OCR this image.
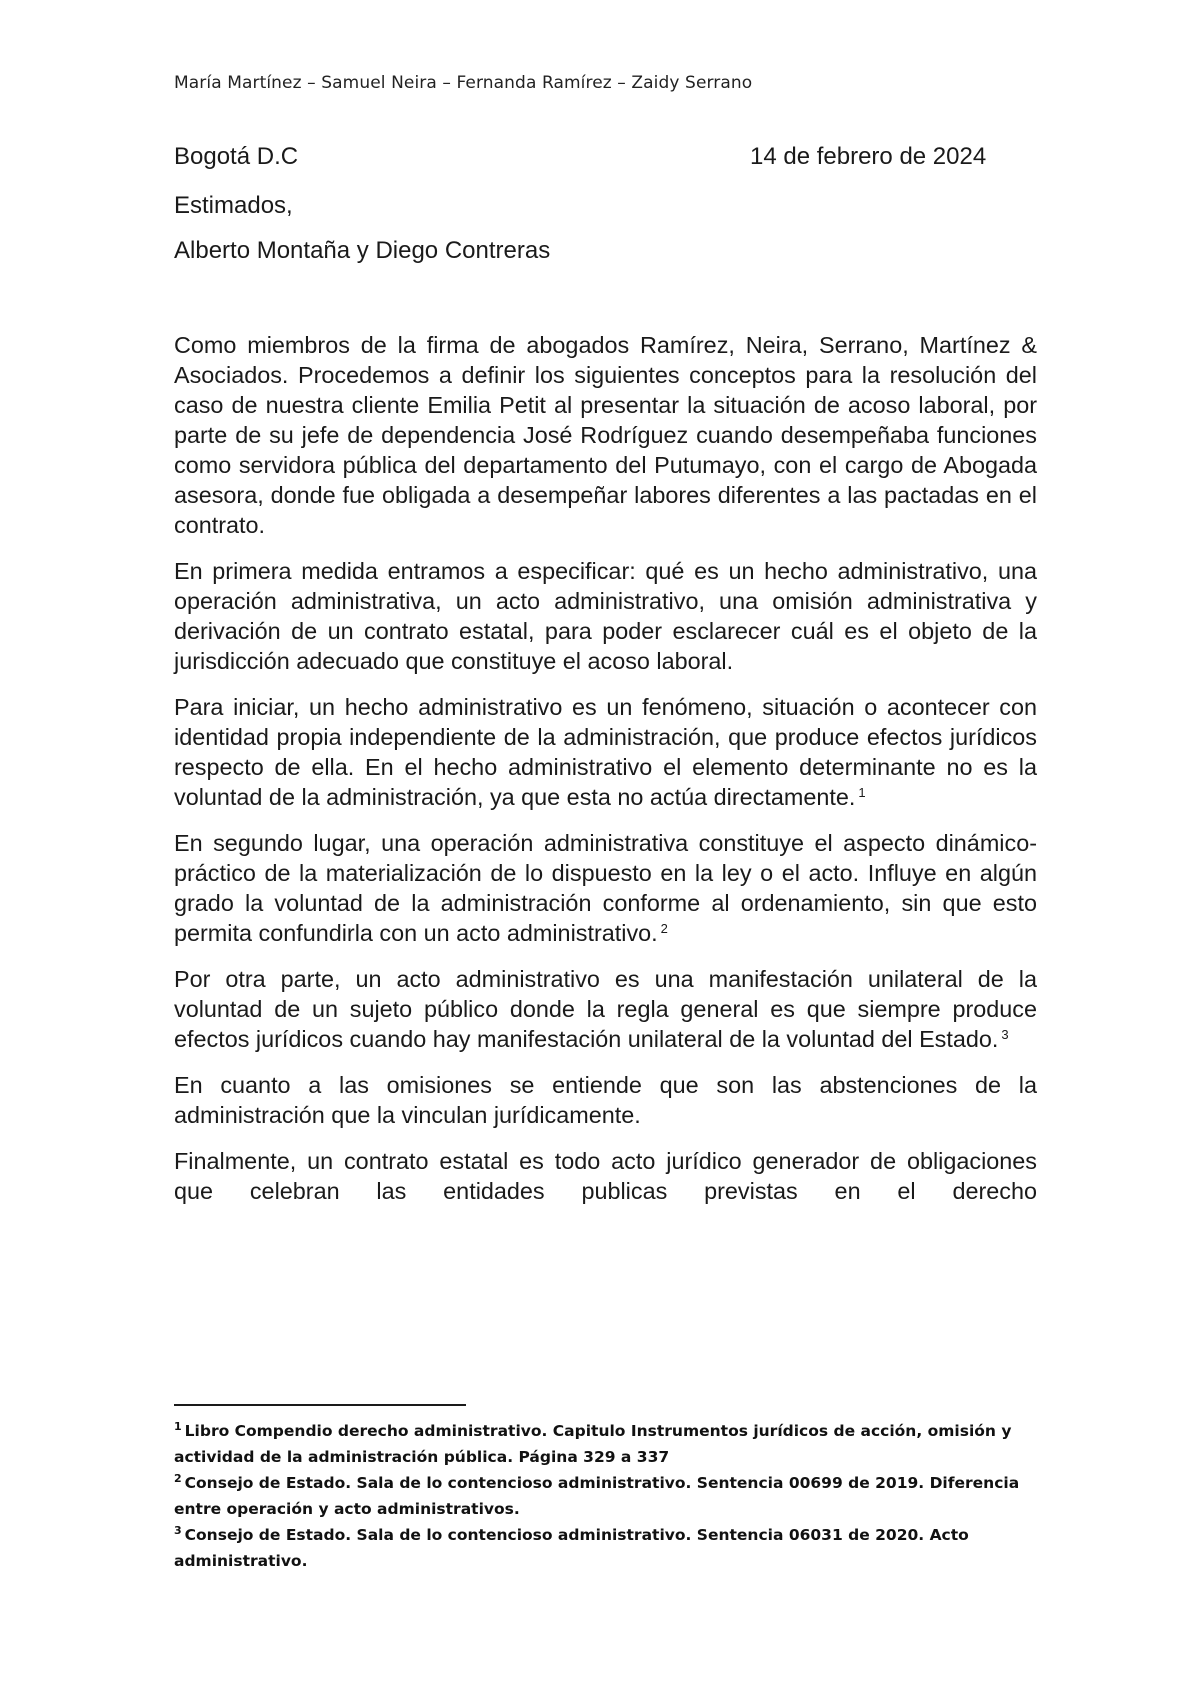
María Martínez – Samuel Neira – Fernanda Ramírez – Zaidy Serrano
Bogotá D.C	14 de febrero de 2024
Estimados,
Alberto Montaña y Diego Contreras

Como miembros de la firma de abogados Ramírez, Neira, Serrano, Martínez & Asociados. Procedemos a definir los siguientes conceptos para la resolución del caso de nuestra cliente Emilia Petit al presentar la situación de acoso laboral, por parte de su jefe de dependencia José Rodríguez cuando desempeñaba funciones como servidora pública del departamento del Putumayo, con el cargo de Abogada asesora, donde fue obligada a desempeñar labores diferentes a las pactadas en el contrato.

En primera medida entramos a especificar: qué es un hecho administrativo, una operación administrativa, un acto administrativo, una omisión administrativa y derivación de un contrato estatal, para poder esclarecer cuál es el objeto de la jurisdicción adecuado que constituye el acoso laboral.

Para iniciar, un hecho administrativo es un fenómeno, situación o acontecer con identidad propia independiente de la administración, que produce efectos jurídicos respecto de ella. En el hecho administrativo el elemento determinante no es la voluntad de la administración, ya que esta no actúa directamente. $^1$

En segundo lugar, una operación administrativa constituye el aspecto dinámico-práctico de la materialización de lo dispuesto en la ley o el acto. Influye en algún grado la voluntad de la administración conforme al ordenamiento, sin que esto permita confundirla con un acto administrativo. $^2$

Por otra parte, un acto administrativo es una manifestación unilateral de la voluntad de un sujeto público donde la regla general es que siempre produce efectos jurídicos cuando hay manifestación unilateral de la voluntad del Estado. $^3$

En cuanto a las omisiones se entiende que son las abstenciones de la administración que la vinculan jurídicamente.

Finalmente, un contrato estatal es todo acto jurídico generador de obligaciones que celebran las entidades publicas previstas en el derecho

$^1$ Libro Compendio derecho administrativo. Capitulo Instrumentos jurídicos de acción, omisión y actividad de la administración pública. Página 329 a 337

$^2$ Consejo de Estado. Sala de lo contencioso administrativo. Sentencia 00699 de 2019. Diferencia entre operación y acto administrativos.

$^3$ Consejo de Estado. Sala de lo contencioso administrativo. Sentencia 06031 de 2020. Acto administrativo.
